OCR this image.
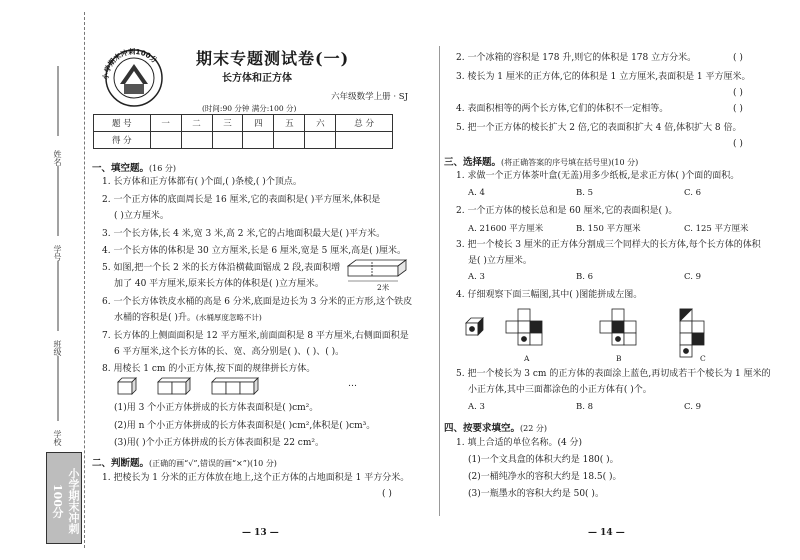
姓名
学号
班级
学校
小学期末冲刺100分
小学期末冲刺100分 期末专题测试卷(一)
长方体和正方体
六年级数学上册 · SJ
(时间:90 分钟 满分:100 分)
题 号	一	二	三	四	五	六	总 分
得 分							
一、填空题。(16 分)
1. 长方体和正方体都有( )个面,( )条棱,( )个顶点。
2. 一个正方体的底面周长是 16 厘米,它的表面积是( )平方厘米,体积是
( )立方厘米。
3. 一个长方体,长 4 米,宽 3 米,高 2 米,它的占地面积最大是( )平方米。
4. 一个长方体的体积是 30 立方厘米,长是 6 厘米,宽是 5 厘米,高是( )厘米。
5. 如图,把一个长 2 米的长方体沿横截面锯成 2 段,表面积增
加了 40 平方厘米,原来长方体的体积是( )立方厘米。	2米
6. 一个长方体铁皮水桶的高是 6 分米,底面是边长为 3 分米的正方形,这个铁皮
水桶的容积是( )升。(水桶厚度忽略不计)
7. 长方体的上侧面面积是 12 平方厘米,前面面积是 8 平方厘米,右侧面面积是
6 平方厘米,这个长方体的长、宽、高分别是( )、( )、( )。
8. 用棱长 1 cm 的小正方体,按下面的规律拼长方体。
…
(1)用 3 个小正方体拼成的长方体表面积是( )cm²。
(2)用 n 个小正方体拼成的长方体表面积是( )cm²,体积是( )cm³。
(3)用( )个小正方体拼成的长方体表面积是 22 cm²。
二、判断题。(正确的画“√”,错误的画“×”)(10 分)
1. 把棱长为 1 分米的正方体放在地上,这个正方体的占地面积是 1 平方分米。
( )
— 13 —
2. 一个冰箱的容积是 178 升,则它的体积是 178 立方分米。	( )
3. 棱长为 1 厘米的正方体,它的体积是 1 立方厘米,表面积是 1 平方厘米。
( )
4. 表面积相等的两个长方体,它们的体积不一定相等。	( )
5. 把一个正方体的棱长扩大 2 倍,它的表面积扩大 4 倍,体积扩大 8 倍。
( )
三、选择题。(将正确答案的序号填在括号里)(10 分)
1. 求做一个正方体茶叶盒(无盖)用多少纸板,是求正方体( )个面的面积。
A. 4	B. 5	C. 6
2. 一个正方体的棱长总和是 60 厘米,它的表面积是( )。
A. 21600 平方厘米	B. 150 平方厘米	C. 125 平方厘米
3. 把一个棱长 3 厘米的正方体分割成三个同样大的长方体,每个长方体的体积
是( )立方厘米。
A. 3	B. 6	C. 9
4. 仔细观察下面三幅图,其中( )图能拼成左图。
A	B	C
5. 把一个棱长为 3 cm 的正方体的表面涂上蓝色,再切成若干个棱长为 1 厘米的
小正方体,其中三面都涂色的小正方体有( )个。
A. 3	B. 8	C. 9
四、按要求填空。(22 分)
1. 填上合适的单位名称。(4 分)
(1)一个文具盒的体积大约是 180( )。
(2)一桶纯净水的容积大约是 18.5( )。
(3)一瓶墨水的容积大约是 50( )。
— 14 —
